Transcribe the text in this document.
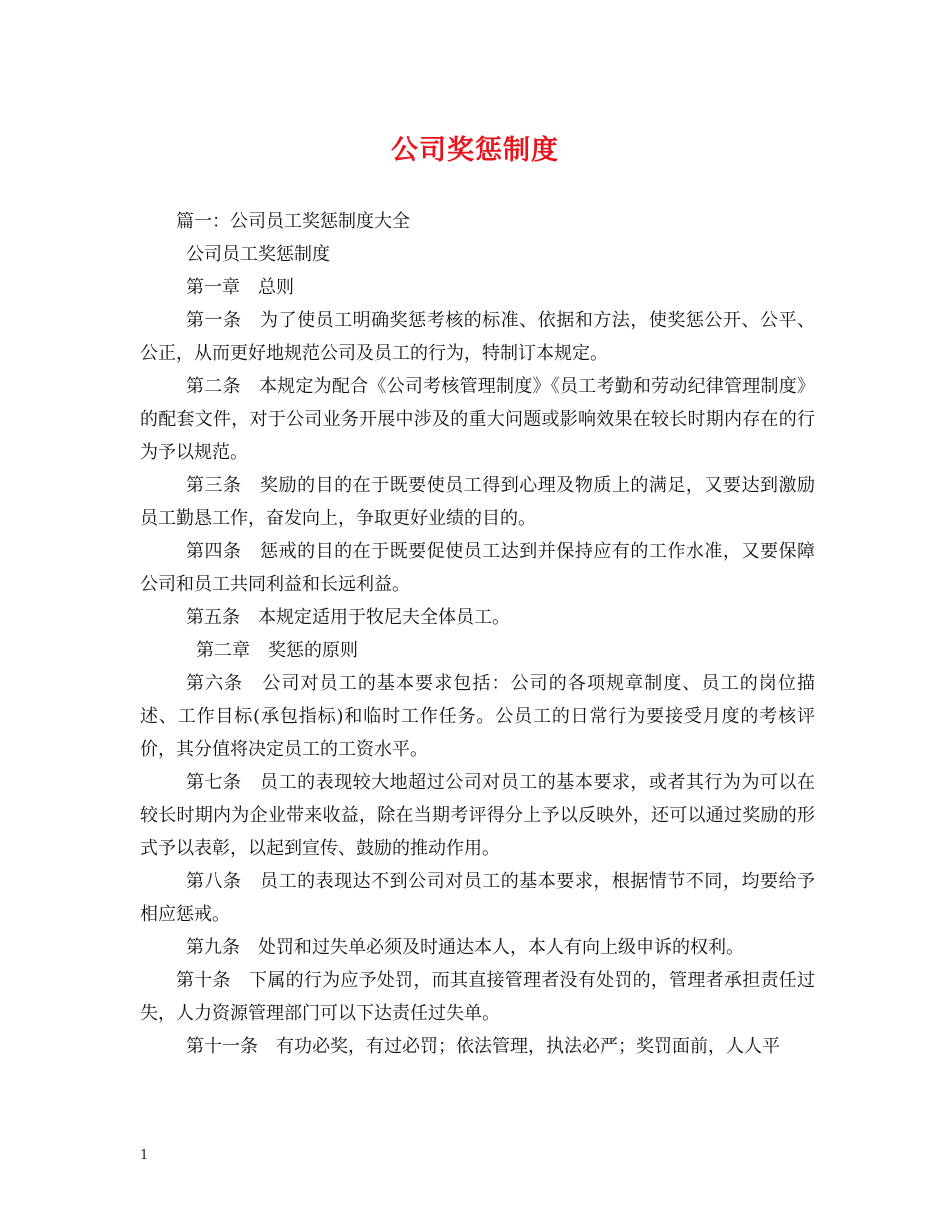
公司奖惩制度

篇一：公司员工奖惩制度大全

公司员工奖惩制度

第一章　总则

第一条　为了使员工明确奖惩考核的标准、依据和方法，使奖惩公开、公平、公正，从而更好地规范公司及员工的行为，特制订本规定。

第二条　本规定为配合《公司考核管理制度》《员工考勤和劳动纪律管理制度》的配套文件，对于公司业务开展中涉及的重大问题或影响效果在较长时期内存在的行为予以规范。

第三条　奖励的目的在于既要使员工得到心理及物质上的满足，又要达到激励员工勤恳工作，奋发向上，争取更好业绩的目的。

第四条　惩戒的目的在于既要促使员工达到并保持应有的工作水准，又要保障公司和员工共同利益和长远利益。

第五条　本规定适用于牧尼夫全体员工。

第二章　奖惩的原则

第六条　公司对员工的基本要求包括：公司的各项规章制度、员工的岗位描述、工作目标(承包指标)和临时工作任务。公员工的日常行为要接受月度的考核评价，其分值将决定员工的工资水平。

第七条　员工的表现较大地超过公司对员工的基本要求，或者其行为为可以在较长时期内为企业带来收益，除在当期考评得分上予以反映外，还可以通过奖励的形式予以表彰，以起到宣传、鼓励的推动作用。

第八条　员工的表现达不到公司对员工的基本要求，根据情节不同，均要给予相应惩戒。

第九条　处罚和过失单必须及时通达本人，本人有向上级申诉的权利。

第十条　下属的行为应予处罚，而其直接管理者没有处罚的，管理者承担责任过失，人力资源管理部门可以下达责任过失单。

第十一条　有功必奖，有过必罚；依法管理，执法必严；奖罚面前，人人平

1
